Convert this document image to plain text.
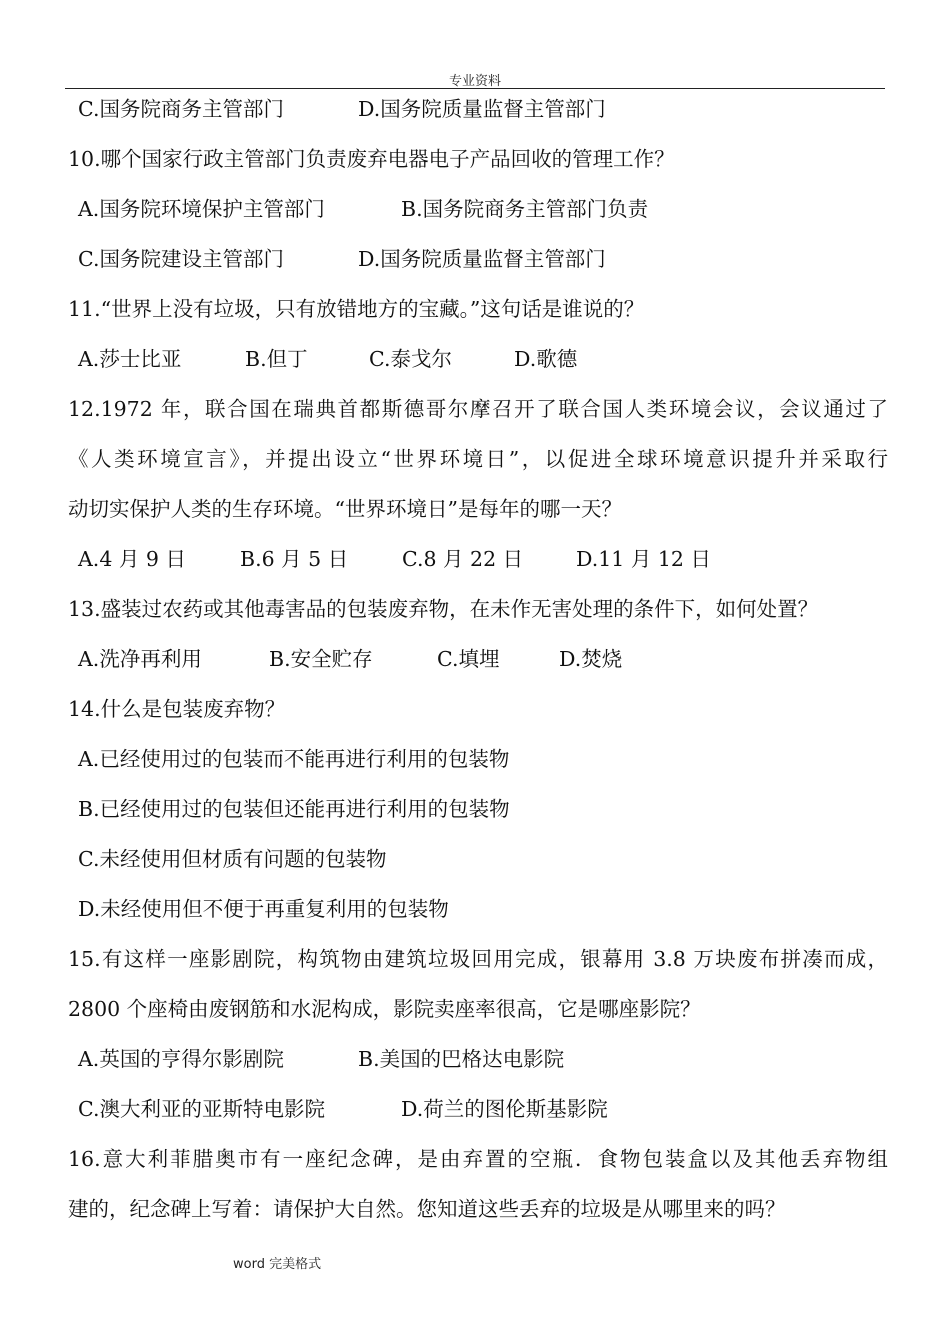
专业资料
C.国务院商务主管部门	D.国务院质量监督主管部门
10.哪个国家行政主管部门负责废弃电器电子产品回收的管理工作？
A.国务院环境保护主管部门	B.国务院商务主管部门负责
C.国务院建设主管部门	D.国务院质量监督主管部门
11.“世界上没有垃圾，只有放错地方的宝藏。”这句话是谁说的？
A.莎士比亚	B.但丁	C.泰戈尔	D.歌德
12.1972 年，联合国在瑞典首都斯德哥尔摩召开了联合国人类环境会议，会议通过了
《人类环境宣言》，并提出设立“世界环境日”，以促进全球环境意识提升并采取行
动切实保护人类的生存环境。“世界环境日”是每年的哪一天？
A.4 月 9 日	B.6 月 5 日	C.8 月 22 日	D.11 月 12 日
13.盛装过农药或其他毒害品的包装废弃物，在未作无害处理的条件下，如何处置？
A.洗净再利用	B.安全贮存	C.填埋	D.焚烧
14.什么是包装废弃物？
A.已经使用过的包装而不能再进行利用的包装物
B.已经使用过的包装但还能再进行利用的包装物
C.未经使用但材质有问题的包装物
D.未经使用但不便于再重复利用的包装物
15.有这样一座影剧院，构筑物由建筑垃圾回用完成，银幕用 3.8 万块废布拼凑而成，
2800 个座椅由废钢筋和水泥构成，影院卖座率很高，它是哪座影院？
A.英国的亨得尔影剧院	B.美国的巴格达电影院
C.澳大利亚的亚斯特电影院	D.荷兰的图伦斯基影院
16.意大利菲腊奥市有一座纪念碑，是由弃置的空瓶．食物包装盒以及其他丢弃物组
建的，纪念碑上写着：请保护大自然。您知道这些丢弃的垃圾是从哪里来的吗？
word 完美格式
